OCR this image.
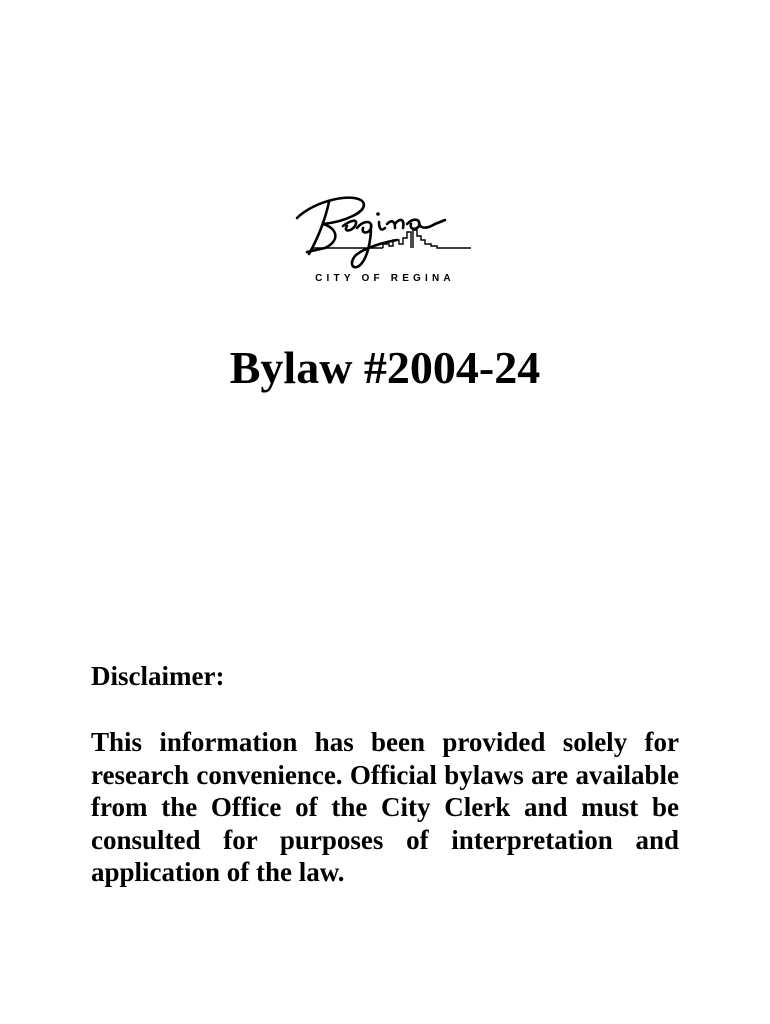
CITY OF REGINA
Bylaw #2004-24
Disclaimer:
This information has been provided solely for research convenience. Official bylaws are available from the Office of the City Clerk and must be consulted for purposes of interpretation and application of the law.
